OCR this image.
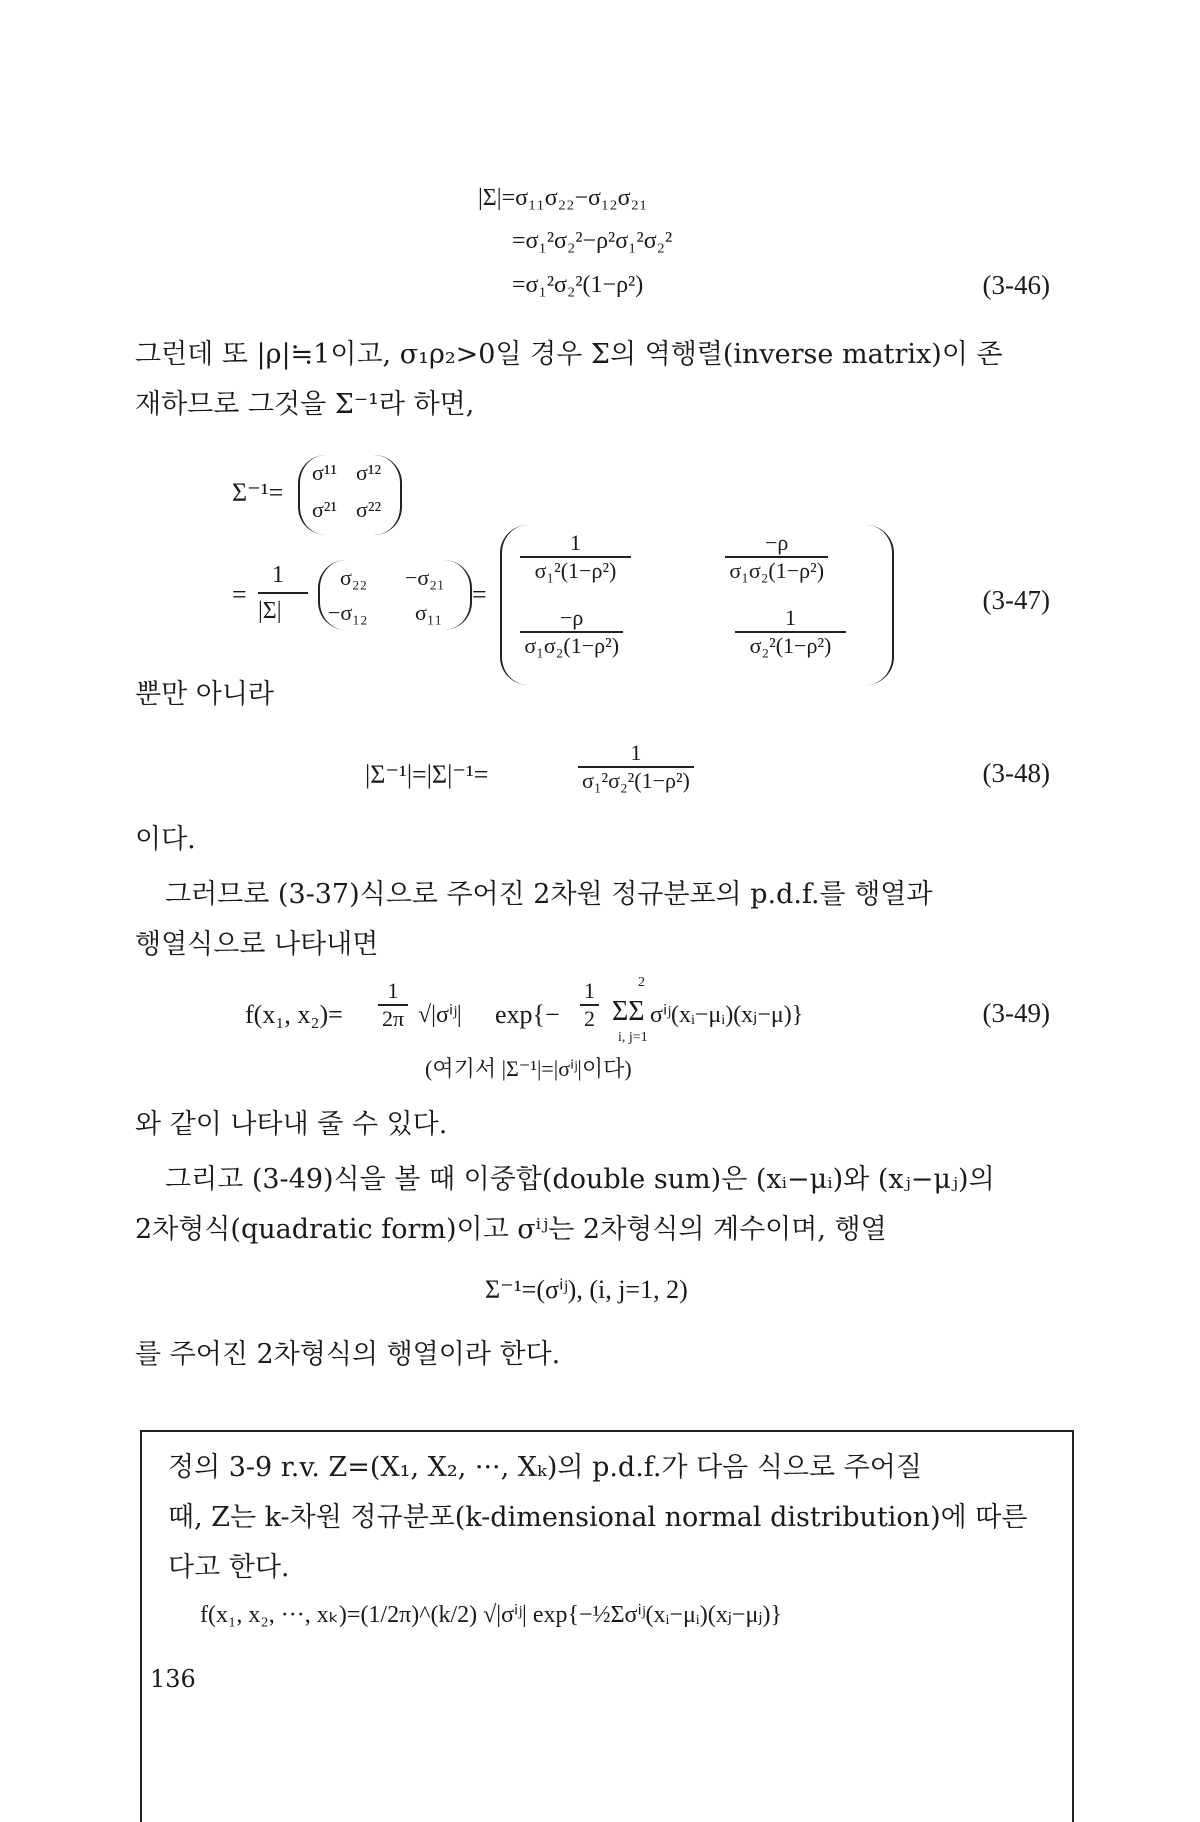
|Σ|=σ₁₁σ₂₂−σ₁₂σ₂₁
=σ₁²σ₂²−ρ²σ₁²σ₂²
=σ₁²σ₂²(1−ρ²)	(3-46)
그런데 또 |ρ|≒1이고, σ₁ρ₂>0일 경우 Σ의 역행렬(inverse matrix)이 존
재하므로 그것을 Σ⁻¹라 하면,
Σ⁻¹=
σ¹¹ σ¹²
σ²¹ σ²²
=
1
|Σ|
σ₂₂ −σ₂₁
−σ₁₂ σ₁₁
=
$\frac{1}{\text{σ₁²(1−ρ²)}}$	$\frac{-\rho}{\text{σ₁σ₂(1−ρ²)}}$
$\frac{-\rho}{\text{σ₁σ₂(1−ρ²)}}$	$\frac{1}{\text{σ₂²(1−ρ²)}}$
(3-47)
뿐만 아니라
|Σ⁻¹|=|Σ|⁻¹=	$\frac{1}{\text{σ₁²σ₂²(1−ρ²)}}$	(3-48)
이다.
그러므로 (3-37)식으로 주어진 2차원 정규분포의 p.d.f.를 행열과
행열식으로 나타내면
f(x₁, $x_2)= \frac{1}{2\pi}$ √|σⁱʲ| $\exp\{- \frac{1}{2}$	2
ΣΣ
i, j=1
σⁱʲ(xᵢ−μᵢ)(xⱼ−μ)}	(3-49)
(여기서 |Σ⁻¹|=|σⁱʲ|이다)
와 같이 나타내 줄 수 있다.
그리고 (3-49)식을 볼 때 이중합(double sum)은 (xᵢ−μᵢ)와 (xⱼ−μⱼ)의
2차형식(quadratic form)이고 σⁱʲ는 2차형식의 계수이며, 행열
Σ⁻¹=(σⁱʲ), (i, j=1, 2)
를 주어진 2차형식의 행열이라 한다.
정의 3-9 r.v. Z=(X₁, X₂, ···, Xₖ)의 p.d.f.가 다음 식으로 주어질
때, Z는 k-차원 정규분포(k-dimensional normal distribution)에 따른
다고 한다.
f(x₁, x₂, ···, xₖ)=(1/2π)^(k/2) √|σⁱʲ| exp{−½Σσⁱʲ(xᵢ−μᵢ)(xⱼ−μⱼ)}
136
